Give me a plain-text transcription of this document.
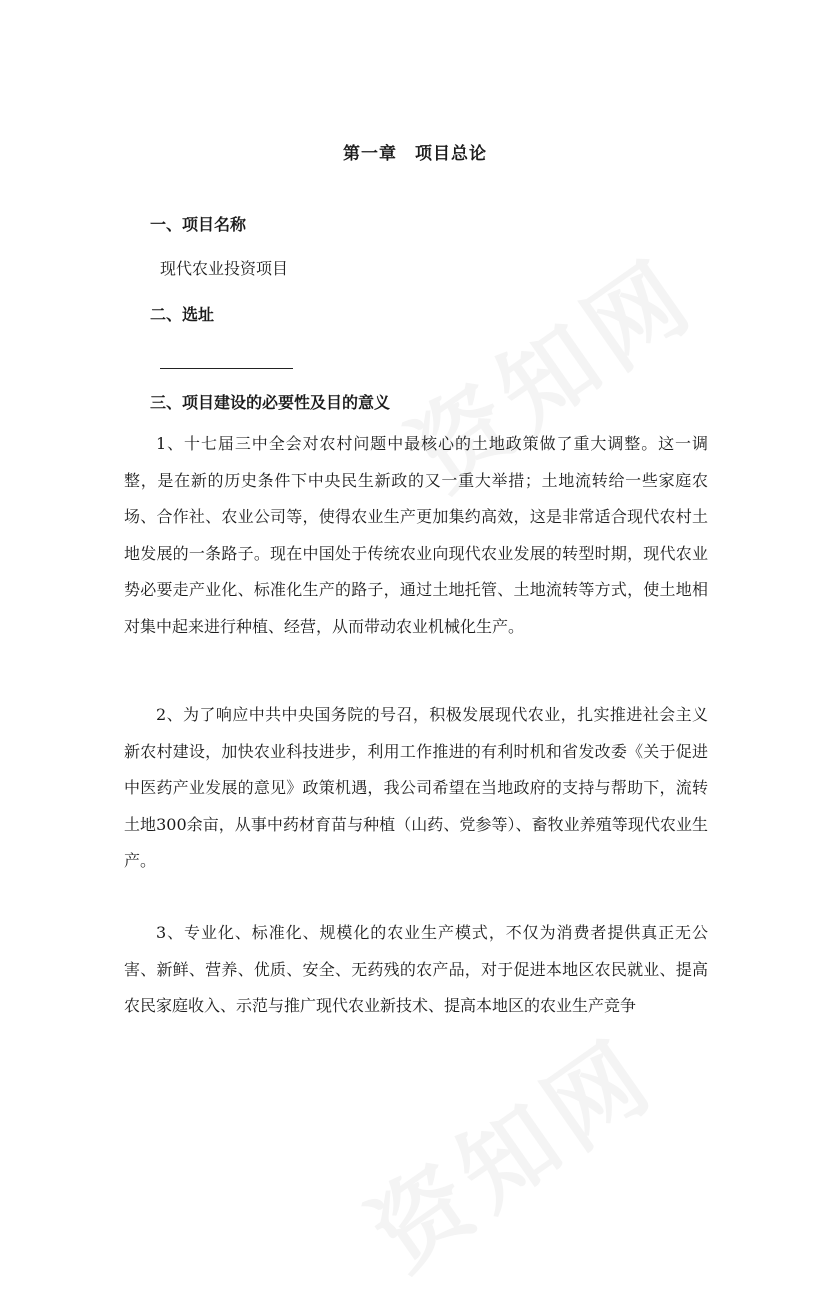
第一章　项目总论
一、项目名称
现代农业投资项目
二、选址
三、项目建设的必要性及目的意义

1、十七届三中全会对农村问题中最核心的土地政策做了重大调整。这一调整，是在新的历史条件下中央民生新政的又一重大举措；土地流转给一些家庭农场、合作社、农业公司等，使得农业生产更加集约高效，这是非常适合现代农村土地发展的一条路子。现在中国处于传统农业向现代农业发展的转型时期，现代农业势必要走产业化、标准化生产的路子，通过土地托管、土地流转等方式，使土地相对集中起来进行种植、经营，从而带动农业机械化生产。

2、为了响应中共中央国务院的号召，积极发展现代农业，扎实推进社会主义新农村建设，加快农业科技进步，利用工作推进的有利时机和省发改委《关于促进中医药产业发展的意见》政策机遇，我公司希望在当地政府的支持与帮助下，流转土地300余亩，从事中药材育苗与种植（山药、党参等）、畜牧业养殖等现代农业生产。

3、专业化、标准化、规模化的农业生产模式，不仅为消费者提供真正无公害、新鲜、营养、优质、安全、无药残的农产品，对于促进本地区农民就业、提高农民家庭收入、示范与推广现代农业新技术、提高本地区的农业生产竞争
